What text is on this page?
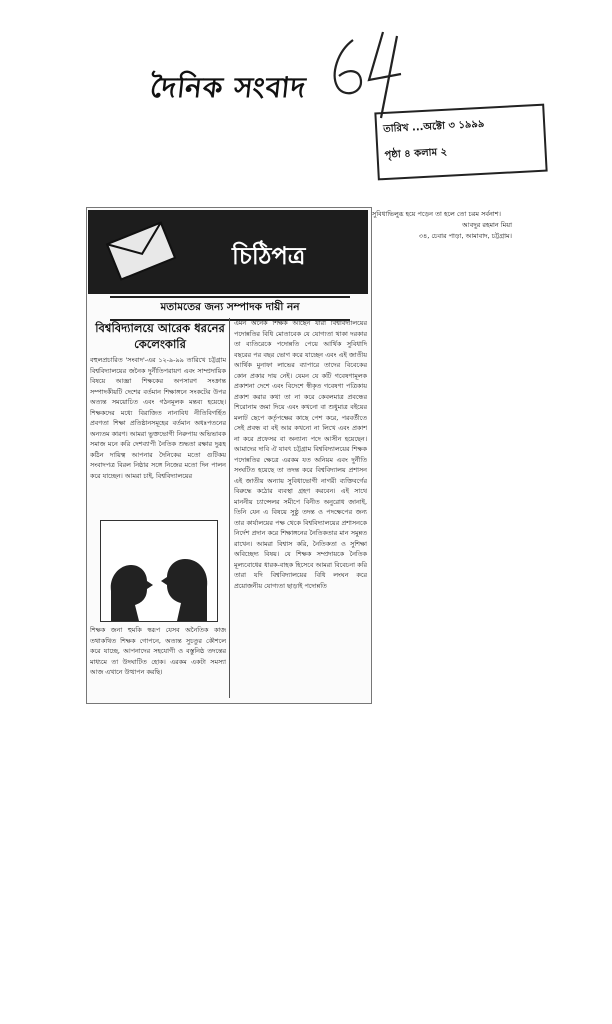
দৈনিক সংবাদ
64
তারিখ ...অক্টো ৩ ১৯৯৯
পৃষ্ঠা ৪ কলাম ২
চিঠিপত্র
মতামতের জন্য সম্পাদক দায়ী নন
বিশ্ববিদ্যালয়ে আরেক ধরনের কেলেংকারি
বহুলপ্রচারিত 'সংবাদ'-এর ১২-৯-৯৯ তারিখে চট্টগ্রাম বিশ্ববিদ্যালয়ের জনৈক দুর্নীতিপরায়ণ এবং সাম্প্রদায়িক বিষয়ে আজ্ঞা শিক্ষকের অপসারণ সংক্রান্ত সম্পাদকীয়টি দেশের বর্তমান শিক্ষাঙ্গনে সংকটের উপর অত্যন্ত সময়োচিত এবং গঠনমূলক মন্তব্য হয়েছে। শিক্ষকদের মধ্যে বিরাজিত নানাবিধ নীতিবিগর্হিত প্রবণতা শিক্ষা প্রতিষ্ঠানসমূহের বর্তমান অধঃপতনের অন্যতম কারণ। আমরা ভুক্তভোগী নিরুপায় অভিভাবক সমাজ মনে করি দেশব্যাপী নৈতিক শুদ্ধতা রক্ষার দুরূহ কঠিন দায়িত্ব আপনার দৈনিকের মতো গুটিকয় সংবাদপত্র বিরল নিষ্ঠার সঙ্গে নিজের মতো দিন পালন করে যাচ্ছেন। আমরা চাই, বিশ্ববিদ্যালয়ের
শিক্ষক জনা হুমকি স্বরূপ যেসব অনৈতিক কাজ তথাকথিত শিক্ষক গোপনে, অত্যন্ত সুচতুর কৌশলে করে যাচ্ছে, আপনাদের সহযোগী ও বস্তুনিষ্ঠ তদন্তের মাধ্যমে তা উদঘাটিত হোক। এরকম একটা সমস্যা আজ এখানে উত্থাপন করছি।
এমন অনেক শিক্ষক আছেন যারা বিশ্ববিদ্যালয়ের পদোন্নতির বিধি মোতাবেক যে যোগ্যতা থাকা দরকার তা ব্যতিরেকে পদোন্নতি পেয়ে আর্থিক সুবিধাদি বছরের পর বছর ভোগ করে যাচ্ছেন এবং এই জাতীয় আর্থিক মুনাফা লাভের ব্যাপারে তাদের বিবেকের কোন প্রকার দায় নেই। যেমন যে কটি গবেষণামূলক প্রকাশনা দেশে এবং বিদেশে স্বীকৃত গবেষণা পত্রিকায় প্রকাশ করার কথা তা না করে কেবলমাত্র প্রবন্ধের শিরোনাম জমা দিয়ে এবং কখনো বা শুধুমাত্র বইয়ের মলাট ছেপে কর্তৃপক্ষের কাছে পেশ করে, পরবর্তীতে সেই প্রবন্ধ বা বই আর কখনো না লিখে এবং প্রকাশ না করে প্রফেসর বা অন্যান্য পদে আসীন হয়েছেন। আমাদের দাবি ঐ যাবৎ চট্টগ্রাম বিশ্ববিদ্যালয়ের শিক্ষক পদোন্নতির ক্ষেত্রে এরকম যত অনিয়ম এবং দুর্নীতি সংঘটিত হয়েছে তা তদন্ত করে বিশ্ববিদ্যালয় প্রশাসন এই জাতীয় অন্যায় সুবিধাভোগী নাগরী ব্যক্তিবর্গের বিরুদ্ধে কঠোর ব্যবস্থা গ্রহণ করবেন। এই সাথে মাননীয় চ্যান্সেলর সমীপে বিনীত অনুরোধ জানাই, তিনি যেন এ বিষয়ে সুষ্ঠু তদন্ত ও পদক্ষেপের জন্য তার কার্যালয়ের পক্ষ থেকে বিশ্ববিদ্যালয়ের প্রশাসনকে নির্দেশ প্রদান করে শিক্ষাঙ্গনের নৈতিকতার মান সমুন্নত রাখেন। আমরা বিশ্বাস করি, নৈতিকতা ও সুশিক্ষা অবিচ্ছেদ্য বিষয়। যে শিক্ষক সম্প্রদায়কে নৈতিক মূল্যবোধের ধারক-বাহক হিসেবে আমরা বিবেচনা করি তারা যদি বিশ্ববিদ্যালয়ের বিধি লংঘন করে প্রয়োজনীয় যোগ্যতা ছাড়াই পদোন্নতি
সুবিধাভিলুব্ধ হয়ে পড়েন তা হলে তো চরম সর্বনাশ।
আবদুর রহমান মিয়া
৩৪, চেবার পাড়া, আমাবাদ, চট্টগ্রাম।
